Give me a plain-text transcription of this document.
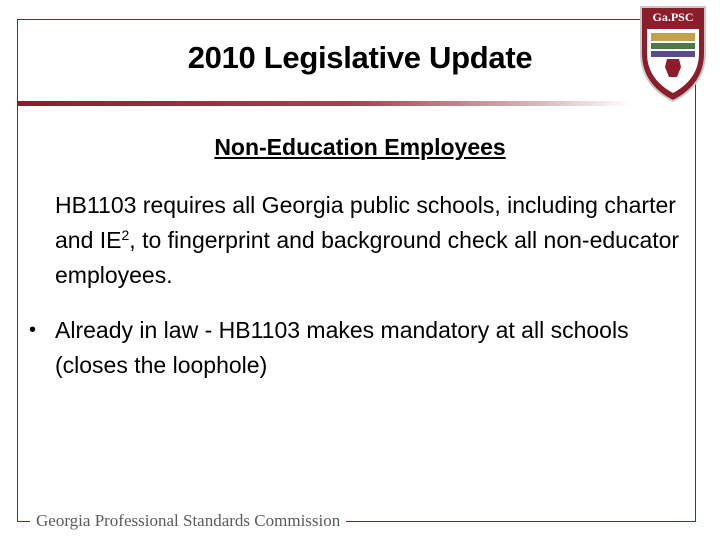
2010 Legislative Update
Ga.PSC
Non-Education Employees
HB1103 requires all Georgia public schools, including charter and $IE^2$, to fingerprint and background check all non-educator employees.
• Already in law - HB1103 makes mandatory at all schools (closes the loophole)
Georgia Professional Standards Commission
